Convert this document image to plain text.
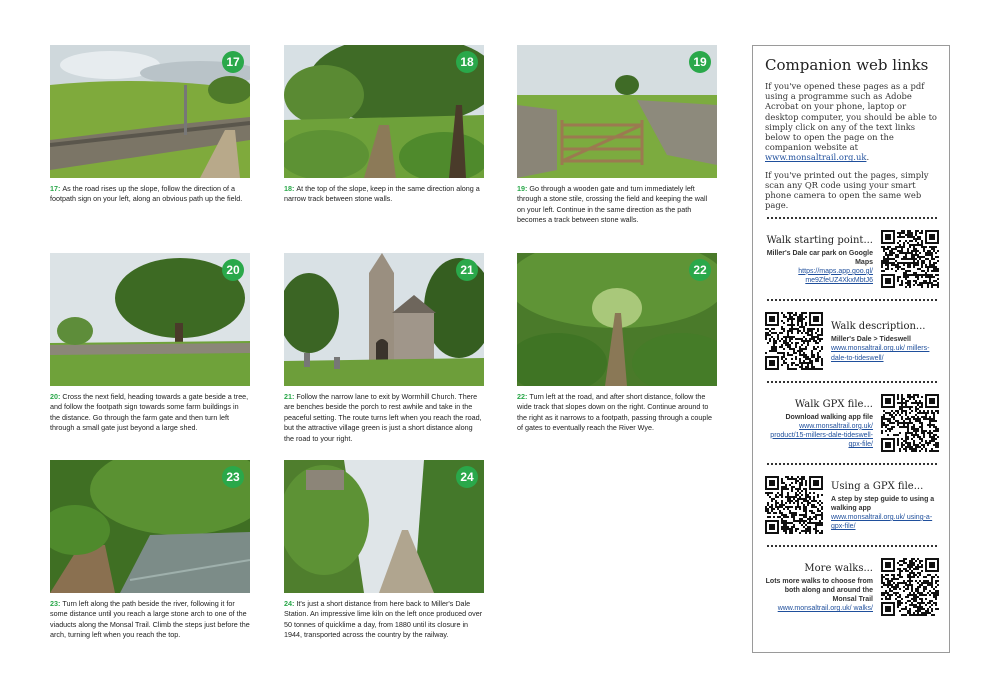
17
17: As the road rises up the slope, follow the direction of a footpath sign on your left, along an obvious path up the field.
18
18: At the top of the slope, keep in the same direction along a narrow track between stone walls.
19
19: Go through a wooden gate and turn immediately left through a stone stile, crossing the field and keeping the wall on your left. Continue in the same direction as the path becomes a track between stone walls.
20
20: Cross the next field, heading towards a gate beside a tree, and follow the footpath sign towards some farm buildings in the distance. Go through the farm gate and then turn left through a small gate just beyond a large shed.
21
21: Follow the narrow lane to exit by Wormhill Church. There are benches beside the porch to rest awhile and take in the peaceful setting. The route turns left when you reach the road, but the attractive village green is just a short distance along the road to your right.
22
22: Turn left at the road, and after short distance, follow the wide track that slopes down on the right. Continue around to the right as it narrows to a footpath, passing through a couple of gates to eventually reach the River Wye.
23
23: Turn left along the path beside the river, following it for some distance until you reach a large stone arch to one of the viaducts along the Monsal Trail. Climb the steps just before the arch, turning left when you reach the top.
24
24: It's just a short distance from here back to Miller's Dale Station. An impressive lime kiln on the left once produced over 50 tonnes of quicklime a day, from 1880 until its closure in 1944, transported across the country by the railway.
Companion web links

If you've opened these pages as a pdf using a programme such as Adobe Acrobat on your phone, laptop or desktop computer, you should be able to simply click on any of the text links below to open the page on the companion website at www.monsaltrail.org.uk.

If you've printed out the pages, simply scan any QR code using your smart phone camera to open the same web page.

Walk starting point...
Miller's Dale car park on Google Maps
https://maps.app.goo.gl/ me9ZfeUZ4XkxMbtJ6
Walk description...
Miller's Dale > Tideswell
www.monsaltrail.org.uk/ millers-dale-to-tideswell/
Walk GPX file...
Download walking app file
www.monsaltrail.org.uk/ product/15-millers-dale-tideswell-gpx-file/
Using a GPX file...
A step by step guide to using a walking app
www.monsaltrail.org.uk/ using-a-gpx-file/
More walks...
Lots more walks to choose from both along and around the Monsal Trail
www.monsaltrail.org.uk/ walks/
